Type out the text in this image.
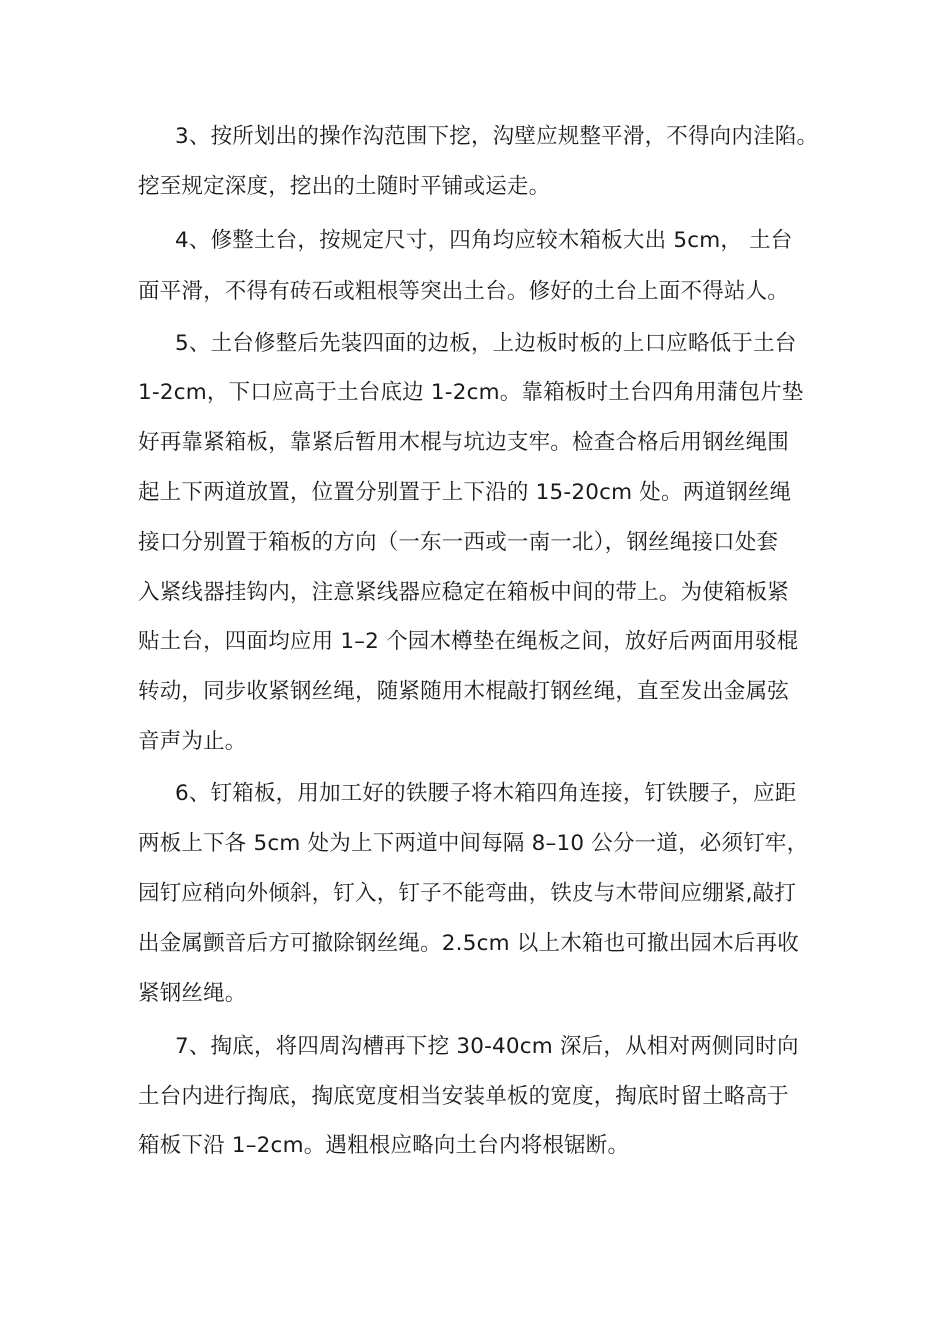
3、按所划出的操作沟范围下挖，沟壁应规整平滑，不得向内洼陷。
挖至规定深度，挖出的土随时平铺或运走。
4、修整土台，按规定尺寸，四角均应较木箱板大出 5cm， 土台
面平滑，不得有砖石或粗根等突出土台。修好的土台上面不得站人。
5、土台修整后先装四面的边板，上边板时板的上口应略低于土台
1-2cm，下口应高于土台底边 1-2cm。靠箱板时土台四角用蒲包片垫
好再靠紧箱板，靠紧后暂用木棍与坑边支牢。检查合格后用钢丝绳围
起上下两道放置，位置分别置于上下沿的 15-20cm 处。两道钢丝绳
接口分别置于箱板的方向（一东一西或一南一北），钢丝绳接口处套
入紧线器挂钩内，注意紧线器应稳定在箱板中间的带上。为使箱板紧
贴土台，四面均应用 1–2 个园木樽垫在绳板之间，放好后两面用驳棍
转动，同步收紧钢丝绳，随紧随用木棍敲打钢丝绳，直至发出金属弦
音声为止。
6、钉箱板，用加工好的铁腰子将木箱四角连接，钉铁腰子，应距
两板上下各 5cm 处为上下两道中间每隔 8–10 公分一道，必须钉牢，
园钉应稍向外倾斜，钉入，钉子不能弯曲，铁皮与木带间应绷紧,敲打
出金属颤音后方可撤除钢丝绳。2.5cm 以上木箱也可撤出园木后再收
紧钢丝绳。
7、掏底，将四周沟槽再下挖 30-40cm 深后，从相对两侧同时向
土台内进行掏底，掏底宽度相当安装单板的宽度，掏底时留土略高于
箱板下沿 1–2cm。遇粗根应略向土台内将根锯断。
